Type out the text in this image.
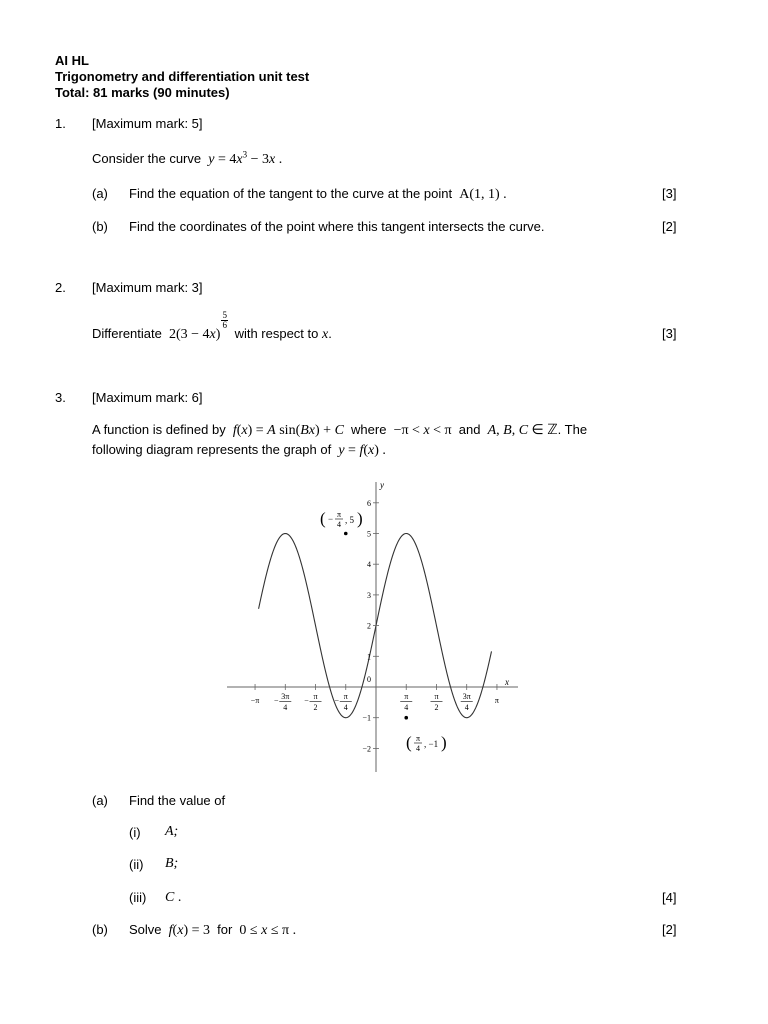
AI HL
Trigonometry and differentiation unit test
Total: 81 marks (90 minutes)
1. [Maximum mark: 5]
Consider the curve $y = 4x^3 - 3x$ .
(a) Find the equation of the tangent to the curve at the point  A(1, 1) .	[3]
(b) Find the coordinates of the point where this tangent intersects the curve.	[2]
2. [Maximum mark: 3]
Differentiate  2(3 − 4x)
5
6
with respect to x.	[3]
3. [Maximum mark: 6]
A function is defined by f(x) = A sin(Bx) + C where  −π < x < π  and A, B, C ∈ ℤ. The
following diagram represents the graph of y = f(x) .
x
y
−2
−1
0
1
2
3
4
5
6
−π − 3π
4
− π
2
− π
4
π
4
π
2
3π
4
π
( − π
4 , 5 )
( π
4 , −1 )
(a) Find the value of
(i) A;
(ii) B;
(iii) C .	[4]
(b) Solve f(x) = 3  for  0 ≤ x ≤ π .	[2]
